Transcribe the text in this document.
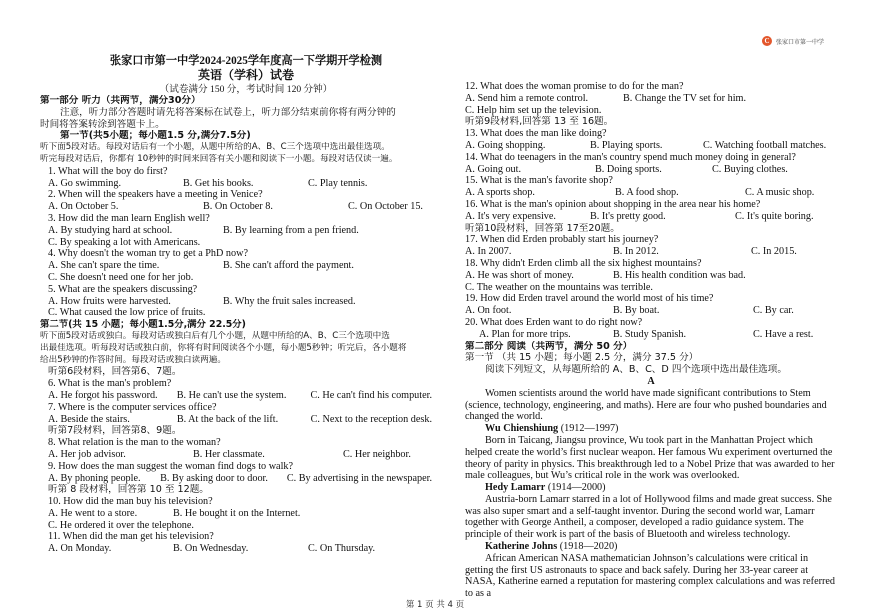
C	张家口市第一中学
张家口市第一中学2024-2025学年度高一下学期开学检测
英语（学科）试卷
（试卷满分 150 分，考试时间 120 分钟）
第一部分 听力（共两节，满分30分）
注意，听力部分答题时请先将答案标在试卷上，听力部分结束前你将有两分钟的
时间将答案转涂到答题卡上。
第一节(共5小题；每小题1.5 分,满分7.5分)
听下面5段对话。每段对话后有一个小题，从题中所给的A、B、C三个选项中选出最佳选项。
听完每段对话后，你都有 10秒钟的时间来回答有关小题和阅读下一小题。每段对话仅读一遍。
1. What will the boy do first?
A. Go swimming.	B. Get his books.	C. Play tennis.
2. When will the speakers have a meeting in Venice?
A. On October 5.	B. On October 8.	C. On October 15.
3. How did the man learn English well?
A. By studying hard at school.	B. By learning from a pen friend.
C. By speaking a lot with Americans.
4. Why doesn't the woman try to get a PhD now?
A. She can't spare the time.	B. She can't afford the payment.
C. She doesn't need one for her job.
5. What are the speakers discussing?
A. How fruits were harvested.	B. Why the fruit sales increased.
C. What caused the low price of fruits.
第二节(共 15 小题；每小题1.5分,满分 22.5分)
听下面5段对话或独白。每段对话或独白后有几个小题，从题中所给的A、B、C三个选项中选
出最佳选项。听每段对话或独白前，你将有时间阅读各个小题，每小题5秒钟；听完后，各小题将
给出5秒钟的作答时间。每段对话或独白读两遍。
听第6段材料，回答第6、7题。
6. What is the man's problem?
A. He forgot his password.	B. He can't use the system.	C. He can't find his computer.
7. Where is the computer services office?
A. Beside the stairs.	B. At the back of the lift.	C. Next to the reception desk.
听第7段材料，回答第8、9题。
8. What relation is the man to the woman?
A. Her job advisor.	B. Her classmate.	C. Her neighbor.
9. How does the man suggest the woman find dogs to walk?
A. By phoning people.	B. By asking door to door.	C. By advertising in the newspaper.
听第 8 段材料，回答第 10 至 12题。
10. How did the man buy his television?
A. He went to a store.	B. He bought it on the Internet.
C. He ordered it over the telephone.
11. When did the man get his television?
A. On Monday.	B. On Wednesday.	C. On Thursday.
12. What does the woman promise to do for the man?
A. Send him a remote control.	B. Change the TV set for him.
C. Help him set up the television.
听第9段材料,回答第 13 至 16题。
13. What does the man like doing?
A. Going shopping.	B. Playing sports.	C. Watching football matches.
14. What do teenagers in the man's country spend much money doing in general?
A. Going out.	B. Doing sports.	C. Buying clothes.
15. What is the man's favorite shop?
A. A sports shop.	B. A food shop.	C. A music shop.
16. What is the man's opinion about shopping in the area near his home?
A. It's very expensive.	B. It's pretty good.	C. It's quite boring.
听第10段材料，回答第 17至20题。
17. When did Erden probably start his journey?
A. In 2007.	B. In 2012.	C. In 2015.
18. Why didn't Erden climb all the six highest mountains?
A. He was short of money.	B. His health condition was bad.
C. The weather on the mountains was terrible.
19. How did Erden travel around the world most of his time?
A. On foot.	B. By boat.	C. By car.
20. What does Erden want to do right now?
A. Plan for more trips.	B. Study Spanish.	C. Have a rest.
第二部分 阅读（共两节，满分 50 分）
第一节 （共 15 小题；每小题 2.5 分，满分 37.5 分）
阅读下列短文，从每题所给的 A、B、C、D 四个选项中选出最佳选项。
A
Women scientists around the world have made significant contributions to Stem (science, technology, engineering, and maths). Here are four who pushed boundaries and changed the world.
Wu Chienshiung (1912—1997)
Born in Taicang, Jiangsu province, Wu took part in the Manhattan Project which helped create the world’s first nuclear weapon. Her famous Wu experiment overturned the theory of parity in physics. This breakthrough led to a Nobel Prize that was awarded to her male colleagues, but Wu’s critical role in the work was overlooked.
Hedy Lamarr (1914—2000)
Austria-born Lamarr starred in a lot of Hollywood films and made great success. She was also super smart and a self-taught inventor. During the second world war, Lamarr together with George Antheil, a composer, developed a radio guidance system. The principle of their work is part of the basis of Bluetooth and wireless technology.
Katherine Johns (1918—2020)
African American NASA mathematician Johnson’s calculations were critical in getting the first US astronauts to space and back safely. During her 33-year career at NASA, Katherine earned a reputation for mastering complex calculations and was referred to as a
第 1 页 共 4 页
